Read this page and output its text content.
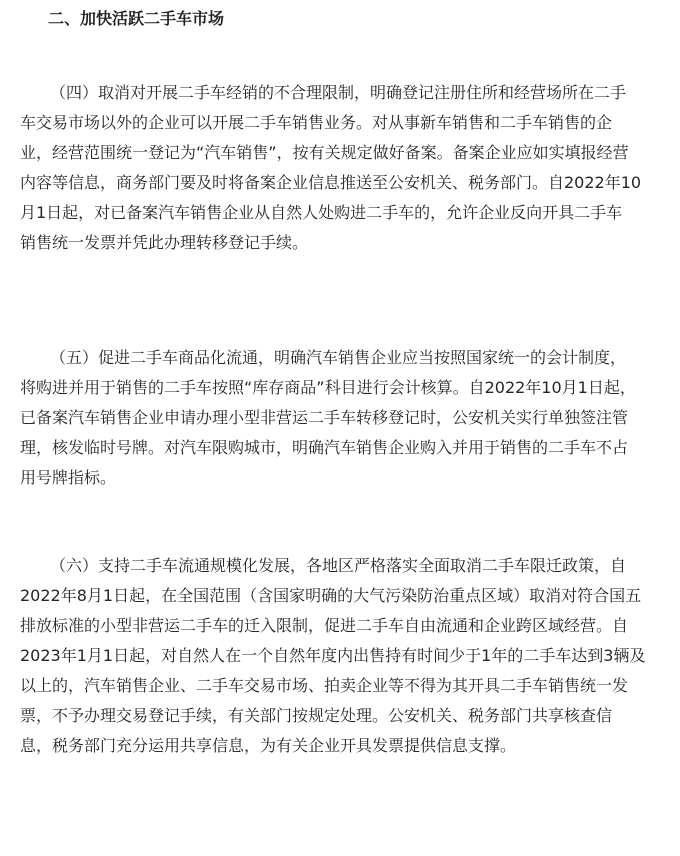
二、加快活跃二手车市场
（四）取消对开展二手车经销的不合理限制，明确登记注册住所和经营场所在二手
车交易市场以外的企业可以开展二手车销售业务。对从事新车销售和二手车销售的企
业，经营范围统一登记为“汽车销售”，按有关规定做好备案。备案企业应如实填报经营
内容等信息，商务部门要及时将备案企业信息推送至公安机关、税务部门。自2022年10
月1日起，对已备案汽车销售企业从自然人处购进二手车的，允许企业反向开具二手车
销售统一发票并凭此办理转移登记手续。
（五）促进二手车商品化流通，明确汽车销售企业应当按照国家统一的会计制度，
将购进并用于销售的二手车按照“库存商品”科目进行会计核算。自2022年10月1日起，
已备案汽车销售企业申请办理小型非营运二手车转移登记时，公安机关实行单独签注管
理，核发临时号牌。对汽车限购城市，明确汽车销售企业购入并用于销售的二手车不占
用号牌指标。
（六）支持二手车流通规模化发展，各地区严格落实全面取消二手车限迁政策，自
2022年8月1日起，在全国范围（含国家明确的大气污染防治重点区域）取消对符合国五
排放标准的小型非营运二手车的迁入限制，促进二手车自由流通和企业跨区域经营。自
2023年1月1日起，对自然人在一个自然年度内出售持有时间少于1年的二手车达到3辆及
以上的，汽车销售企业、二手车交易市场、拍卖企业等不得为其开具二手车销售统一发
票，不予办理交易登记手续，有关部门按规定处理。公安机关、税务部门共享核查信
息，税务部门充分运用共享信息，为有关企业开具发票提供信息支撑。
